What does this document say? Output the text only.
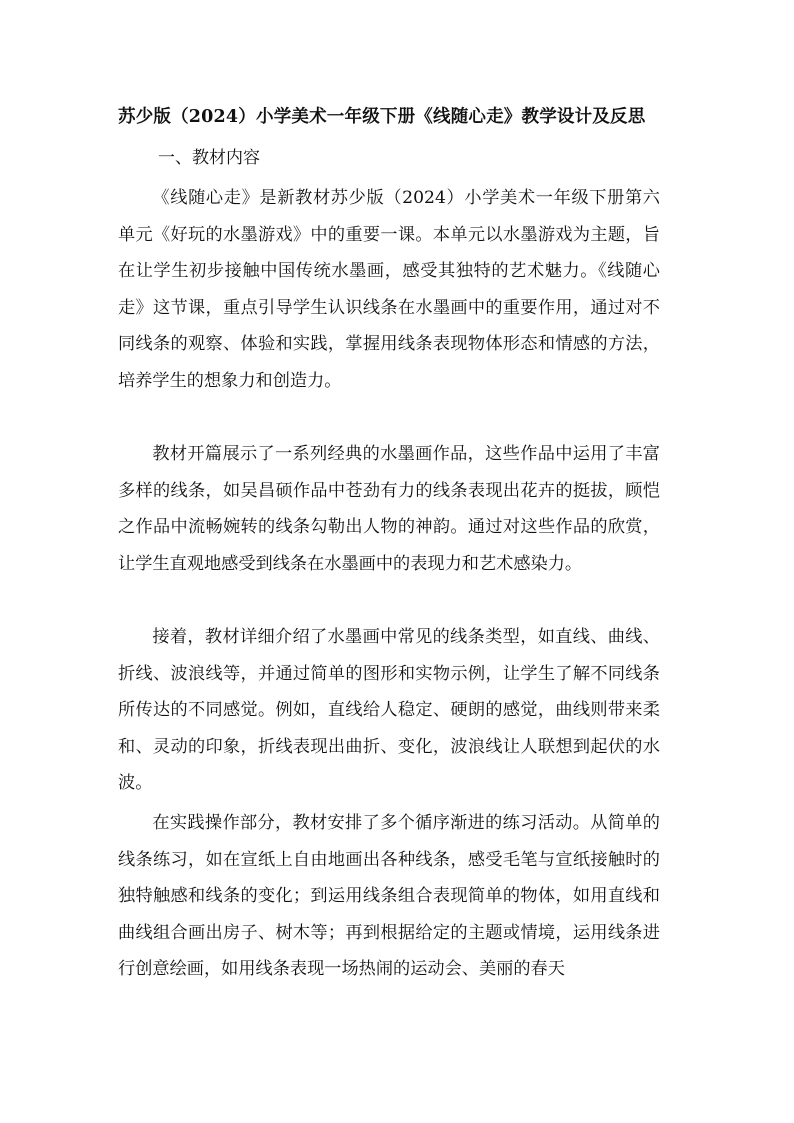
苏少版（2024）小学美术一年级下册《线随心走》教学设计及反思
一、教材内容

《线随心走》是新教材苏少版（2024）小学美术一年级下册第六单元《好玩的水墨游戏》中的重要一课。本单元以水墨游戏为主题，旨在让学生初步接触中国传统水墨画，感受其独特的艺术魅力。《线随心走》这节课，重点引导学生认识线条在水墨画中的重要作用，通过对不同线条的观察、体验和实践，掌握用线条表现物体形态和情感的方法，培养学生的想象力和创造力。

教材开篇展示了一系列经典的水墨画作品，这些作品中运用了丰富多样的线条，如吴昌硕作品中苍劲有力的线条表现出花卉的挺拔，顾恺之作品中流畅婉转的线条勾勒出人物的神韵。通过对这些作品的欣赏，让学生直观地感受到线条在水墨画中的表现力和艺术感染力。

接着，教材详细介绍了水墨画中常见的线条类型，如直线、曲线、折线、波浪线等，并通过简单的图形和实物示例，让学生了解不同线条所传达的不同感觉。例如，直线给人稳定、硬朗的感觉，曲线则带来柔和、灵动的印象，折线表现出曲折、变化，波浪线让人联想到起伏的水波。

在实践操作部分，教材安排了多个循序渐进的练习活动。从简单的线条练习，如在宣纸上自由地画出各种线条，感受毛笔与宣纸接触时的独特触感和线条的变化；到运用线条组合表现简单的物体，如用直线和曲线组合画出房子、树木等；再到根据给定的主题或情境，运用线条进行创意绘画，如用线条表现一场热闹的运动会、美丽的春天
